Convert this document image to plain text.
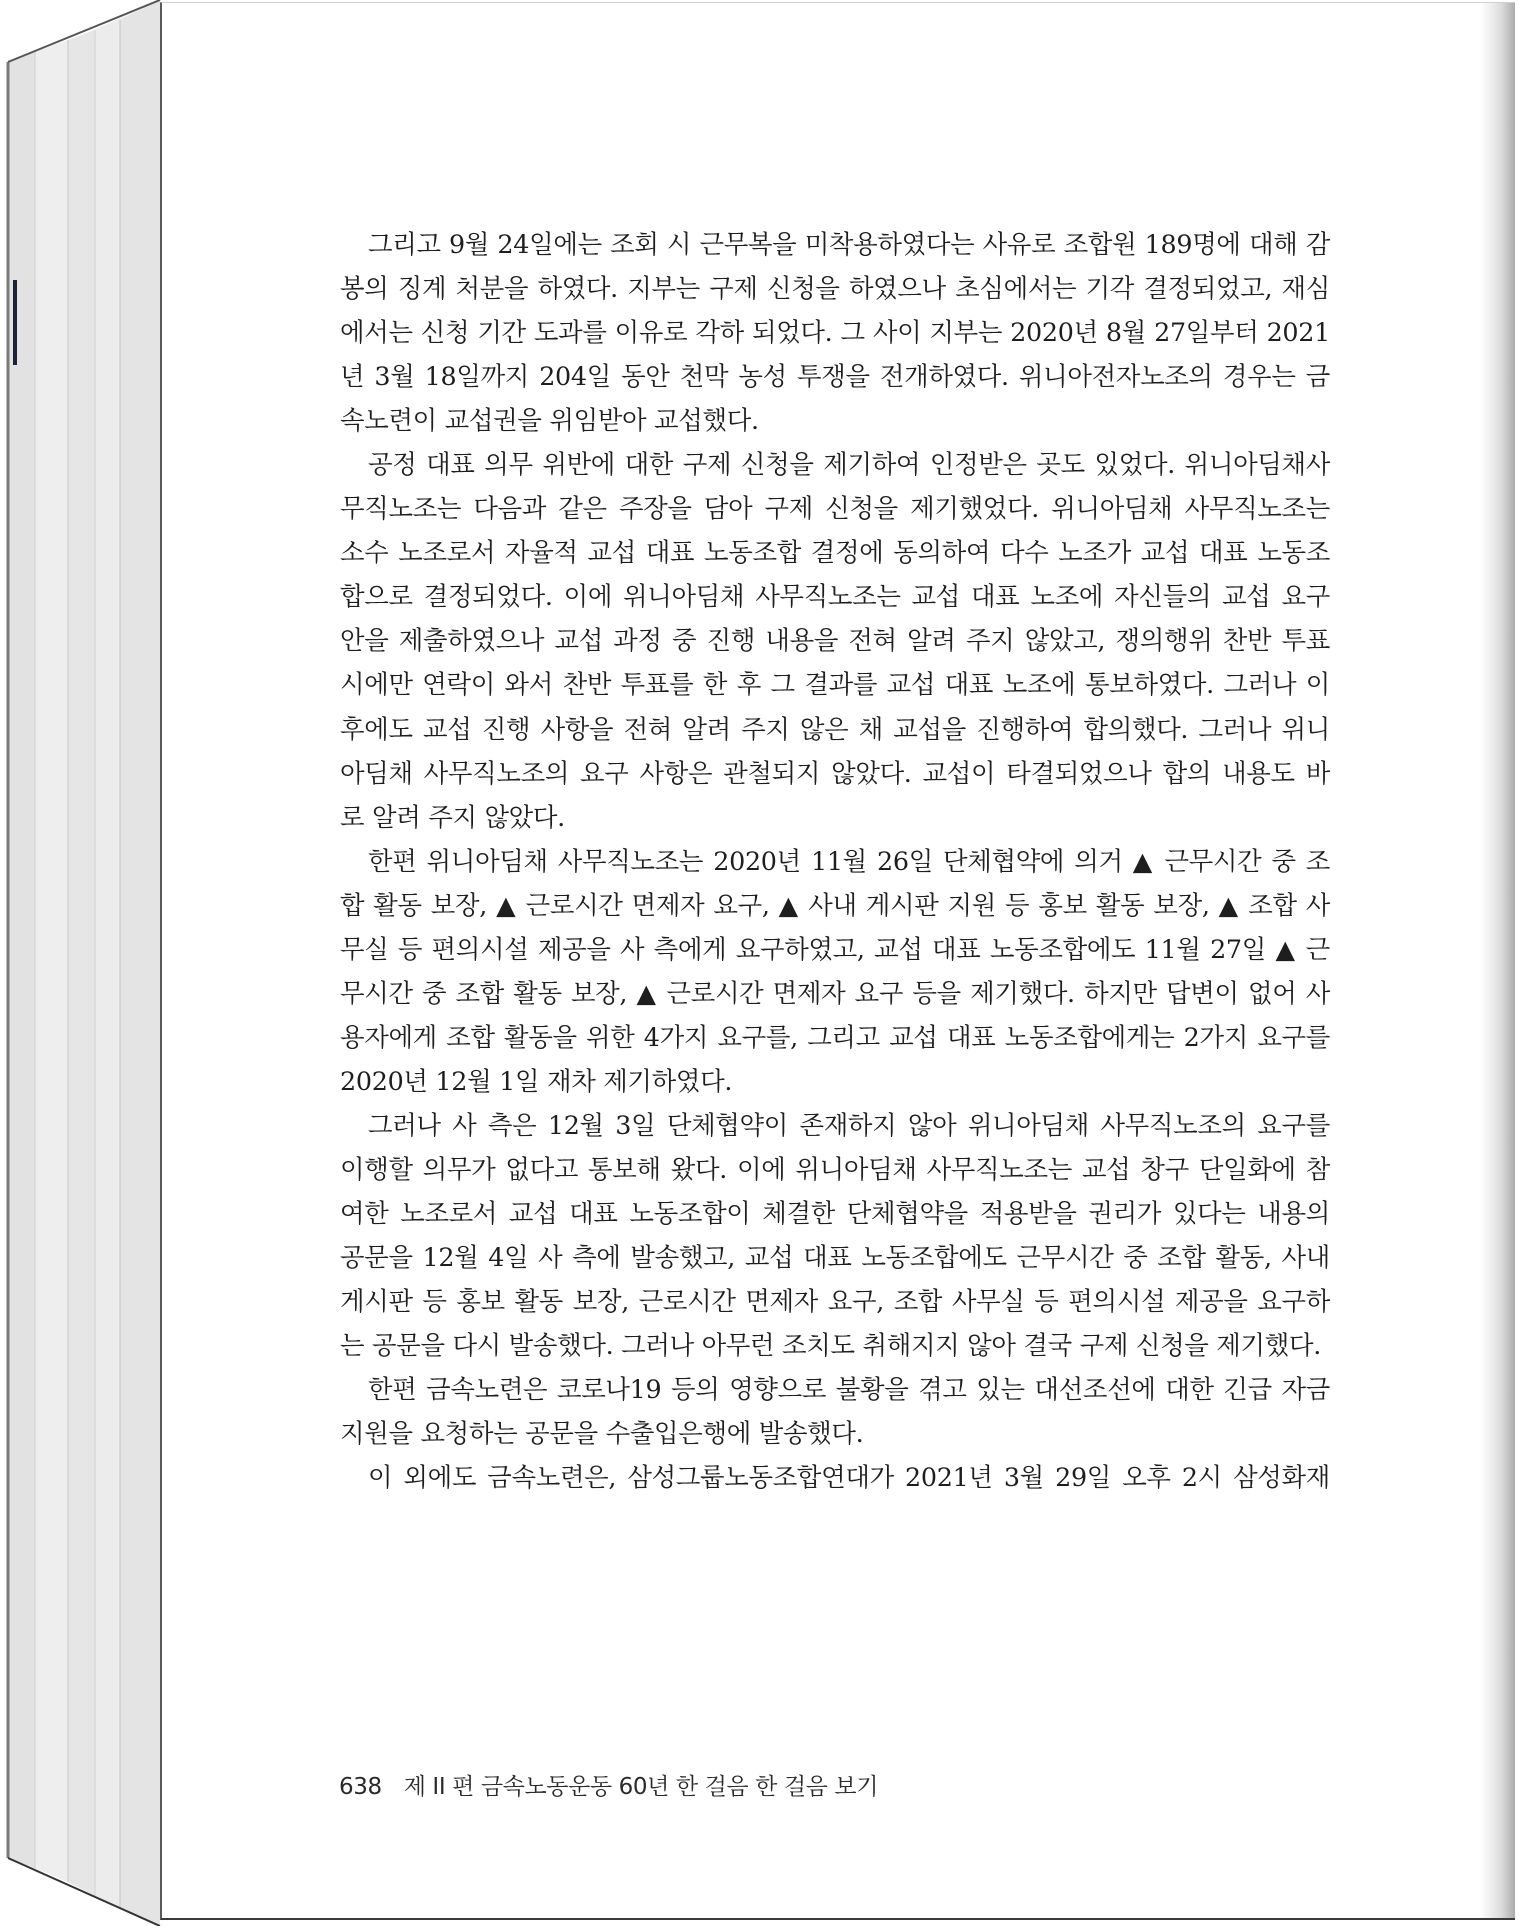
그리고 9월 24일에는 조회 시 근무복을 미착용하였다는 사유로 조합원 189명에 대해 감
봉의 징계 처분을 하였다. 지부는 구제 신청을 하였으나 초심에서는 기각 결정되었고, 재심
에서는 신청 기간 도과를 이유로 각하 되었다. 그 사이 지부는 2020년 8월 27일부터 2021
년 3월 18일까지 204일 동안 천막 농성 투쟁을 전개하였다. 위니아전자노조의 경우는 금
속노련이 교섭권을 위임받아 교섭했다.

공정 대표 의무 위반에 대한 구제 신청을 제기하여 인정받은 곳도 있었다. 위니아딤채사
무직노조는 다음과 같은 주장을 담아 구제 신청을 제기했었다. 위니아딤채 사무직노조는
소수 노조로서 자율적 교섭 대표 노동조합 결정에 동의하여 다수 노조가 교섭 대표 노동조
합으로 결정되었다. 이에 위니아딤채 사무직노조는 교섭 대표 노조에 자신들의 교섭 요구
안을 제출하였으나 교섭 과정 중 진행 내용을 전혀 알려 주지 않았고, 쟁의행위 찬반 투표
시에만 연락이 와서 찬반 투표를 한 후 그 결과를 교섭 대표 노조에 통보하였다. 그러나 이
후에도 교섭 진행 사항을 전혀 알려 주지 않은 채 교섭을 진행하여 합의했다. 그러나 위니
아딤채 사무직노조의 요구 사항은 관철되지 않았다. 교섭이 타결되었으나 합의 내용도 바
로 알려 주지 않았다.

한편 위니아딤채 사무직노조는 2020년 11월 26일 단체협약에 의거 ▲ 근무시간 중 조
합 활동 보장, ▲ 근로시간 면제자 요구, ▲ 사내 게시판 지원 등 홍보 활동 보장, ▲ 조합 사
무실 등 편의시설 제공을 사 측에게 요구하였고, 교섭 대표 노동조합에도 11월 27일 ▲ 근
무시간 중 조합 활동 보장, ▲ 근로시간 면제자 요구 등을 제기했다. 하지만 답변이 없어 사
용자에게 조합 활동을 위한 4가지 요구를, 그리고 교섭 대표 노동조합에게는 2가지 요구를
2020년 12월 1일 재차 제기하였다.

그러나 사 측은 12월 3일 단체협약이 존재하지 않아 위니아딤채 사무직노조의 요구를
이행할 의무가 없다고 통보해 왔다. 이에 위니아딤채 사무직노조는 교섭 창구 단일화에 참
여한 노조로서 교섭 대표 노동조합이 체결한 단체협약을 적용받을 권리가 있다는 내용의
공문을 12월 4일 사 측에 발송했고, 교섭 대표 노동조합에도 근무시간 중 조합 활동, 사내
게시판 등 홍보 활동 보장, 근로시간 면제자 요구, 조합 사무실 등 편의시설 제공을 요구하
는 공문을 다시 발송했다. 그러나 아무런 조치도 취해지지 않아 결국 구제 신청을 제기했다.

한편 금속노련은 코로나19 등의 영향으로 불황을 겪고 있는 대선조선에 대한 긴급 자금
지원을 요청하는 공문을 수출입은행에 발송했다.

이 외에도 금속노련은, 삼성그룹노동조합연대가 2021년 3월 29일 오후 2시 삼성화재

638 제 II 편 금속노동운동 60년 한 걸음 한 걸음 보기
